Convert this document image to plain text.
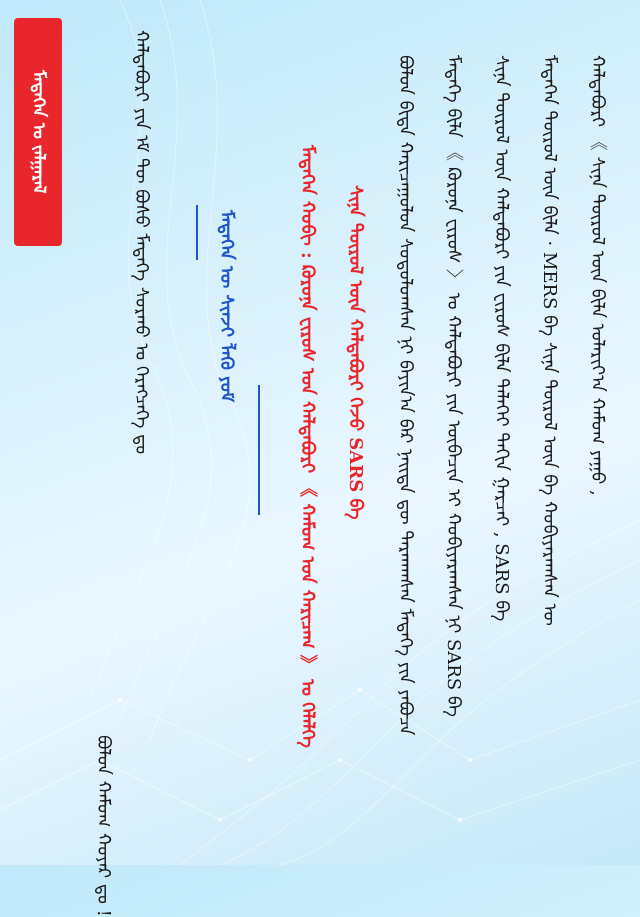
ᠮᠡᠳᠡᠭᠡᠨ ᠤ ᠵᠠᠯᠭᠠᠷᠠᠯ
ᠪᠤᠯᠤᠨ ᠬᠠᠮᠤᠭ ᠬᠣᠶᠠᠷ ᠳᠤ !
ᠬᠠᠯᠳᠠᠪᠤᠷᠢ ᠶᠢᠨ ᠡᠮ ᠲᠦ ᠪᠤᠰᠤ ᠮᠡᠳᠡᠭᠡ ᠰᠤᠷᠬᠤ ᠤ ᠬᠡᠷᠡᠭᠴᠡᠭᠡ ᠳᠤ	ᠮᠡᠳᠡᠭᠡᠨ ᠦ ᠰᠢᠨᠵᠢ ᠯᠡᠬᠦ ᠶᠤᠮ	ᠮᠡᠳᠡᠭᠡᠨ ᠬᠤᠪᠢ : ᠺᠣᠷᠣᠨᠠ ᠸᠢᠷᠦᠰ ᠤᠨ ᠬᠠᠯᠳᠠᠪᠤᠷᠢ 《 ᠬᠠᠮᠤᠭ ᠤᠨ ᠬᠠᠷᠢᠴᠠᠭ 》 ᠤ ᠬᠡᠯᠡᠯᠭᠡ ᠰᠢᠨᠡ ᠲᠦᠷᠦᠯ ᠦᠨ ᠬᠠᠯᠳᠠᠪᠤᠷᠢ ᠭᠡᠵᠦ SARS ᠪᠠ ᠪᠤᠯᠤᠨ ᠪᠢᠳᠡ ᠬᠠᠷᠢᠴᠠᠭᠤᠯᠤᠨ ᠰᠤᠳᠤᠯᠤᠭᠰᠠᠨ ᠨᠢ ᠪᠠᠶᠢᠨ᠎ᠠ ᠪᠡᠷ ᠨᠡᠢᠲᠡ ᠳᠦ ᠲᠠᠷᠬᠠᠭᠰᠠᠨ ᠮᠡᠳᠡᠭᠡ ᠶᠢᠨ ᠶᠠᠪᠤᠴᠠ ᠮᠡᠳᠡᠭᠡ ᠪᠢᠯᠡ 《 ᠺᠣᠷᠣᠨᠠ ᠸᠢᠷᠦᠰ 〉 ᠤ ᠬᠠᠯᠳᠠᠪᠤᠷᠢ ᠶᠢᠨ ᠦᠪᠡᠴᠢᠨ ᠢ ᠬᠤᠪᠢᠶᠠᠷᠠᠭᠰᠠᠨ ᠨᠢ SARS ᠪᠠ ᠰᠢᠨᠡ ᠲᠦᠷᠦᠯ ᠦᠨ ᠬᠠᠯᠳᠠᠪᠤᠷᠢ ᠶᠢᠨ ᠸᠢᠷᠦᠰ ᠪᠢᠯᠡ ᠳᠡᠯᠡᠬᠡᠢ ᠳᠠᠬᠢᠨ ᠭᠠᠷᠴᠠᠢ , SARS ᠪᠠ ᠮᠡᠳᠡᠭᠡᠨ ᠲᠦᠷᠦᠯ ᠦᠨ ᠪᠢᠯᠡ · MERS ᠪᠠ ᠰᠢᠨᠡ ᠲᠦᠷᠦᠯ ᠦᠨ ᠪᠠ ᠬᠤᠪᠢᠶᠠᠷᠠᠭᠰᠠᠨ ᠦ ᠬᠠᠯᠳᠠᠪᠤᠷᠢ 《 ᠰᠢᠨᠡ ᠲᠦᠷᠦᠯ ᠦᠨ ᠪᠢᠯᠡ ᠤᠯᠠᠷᠢᠶ᠎ᠠ ᠬᠠᠮᠤᠭ ᠶᠠᠭᠤ ,
